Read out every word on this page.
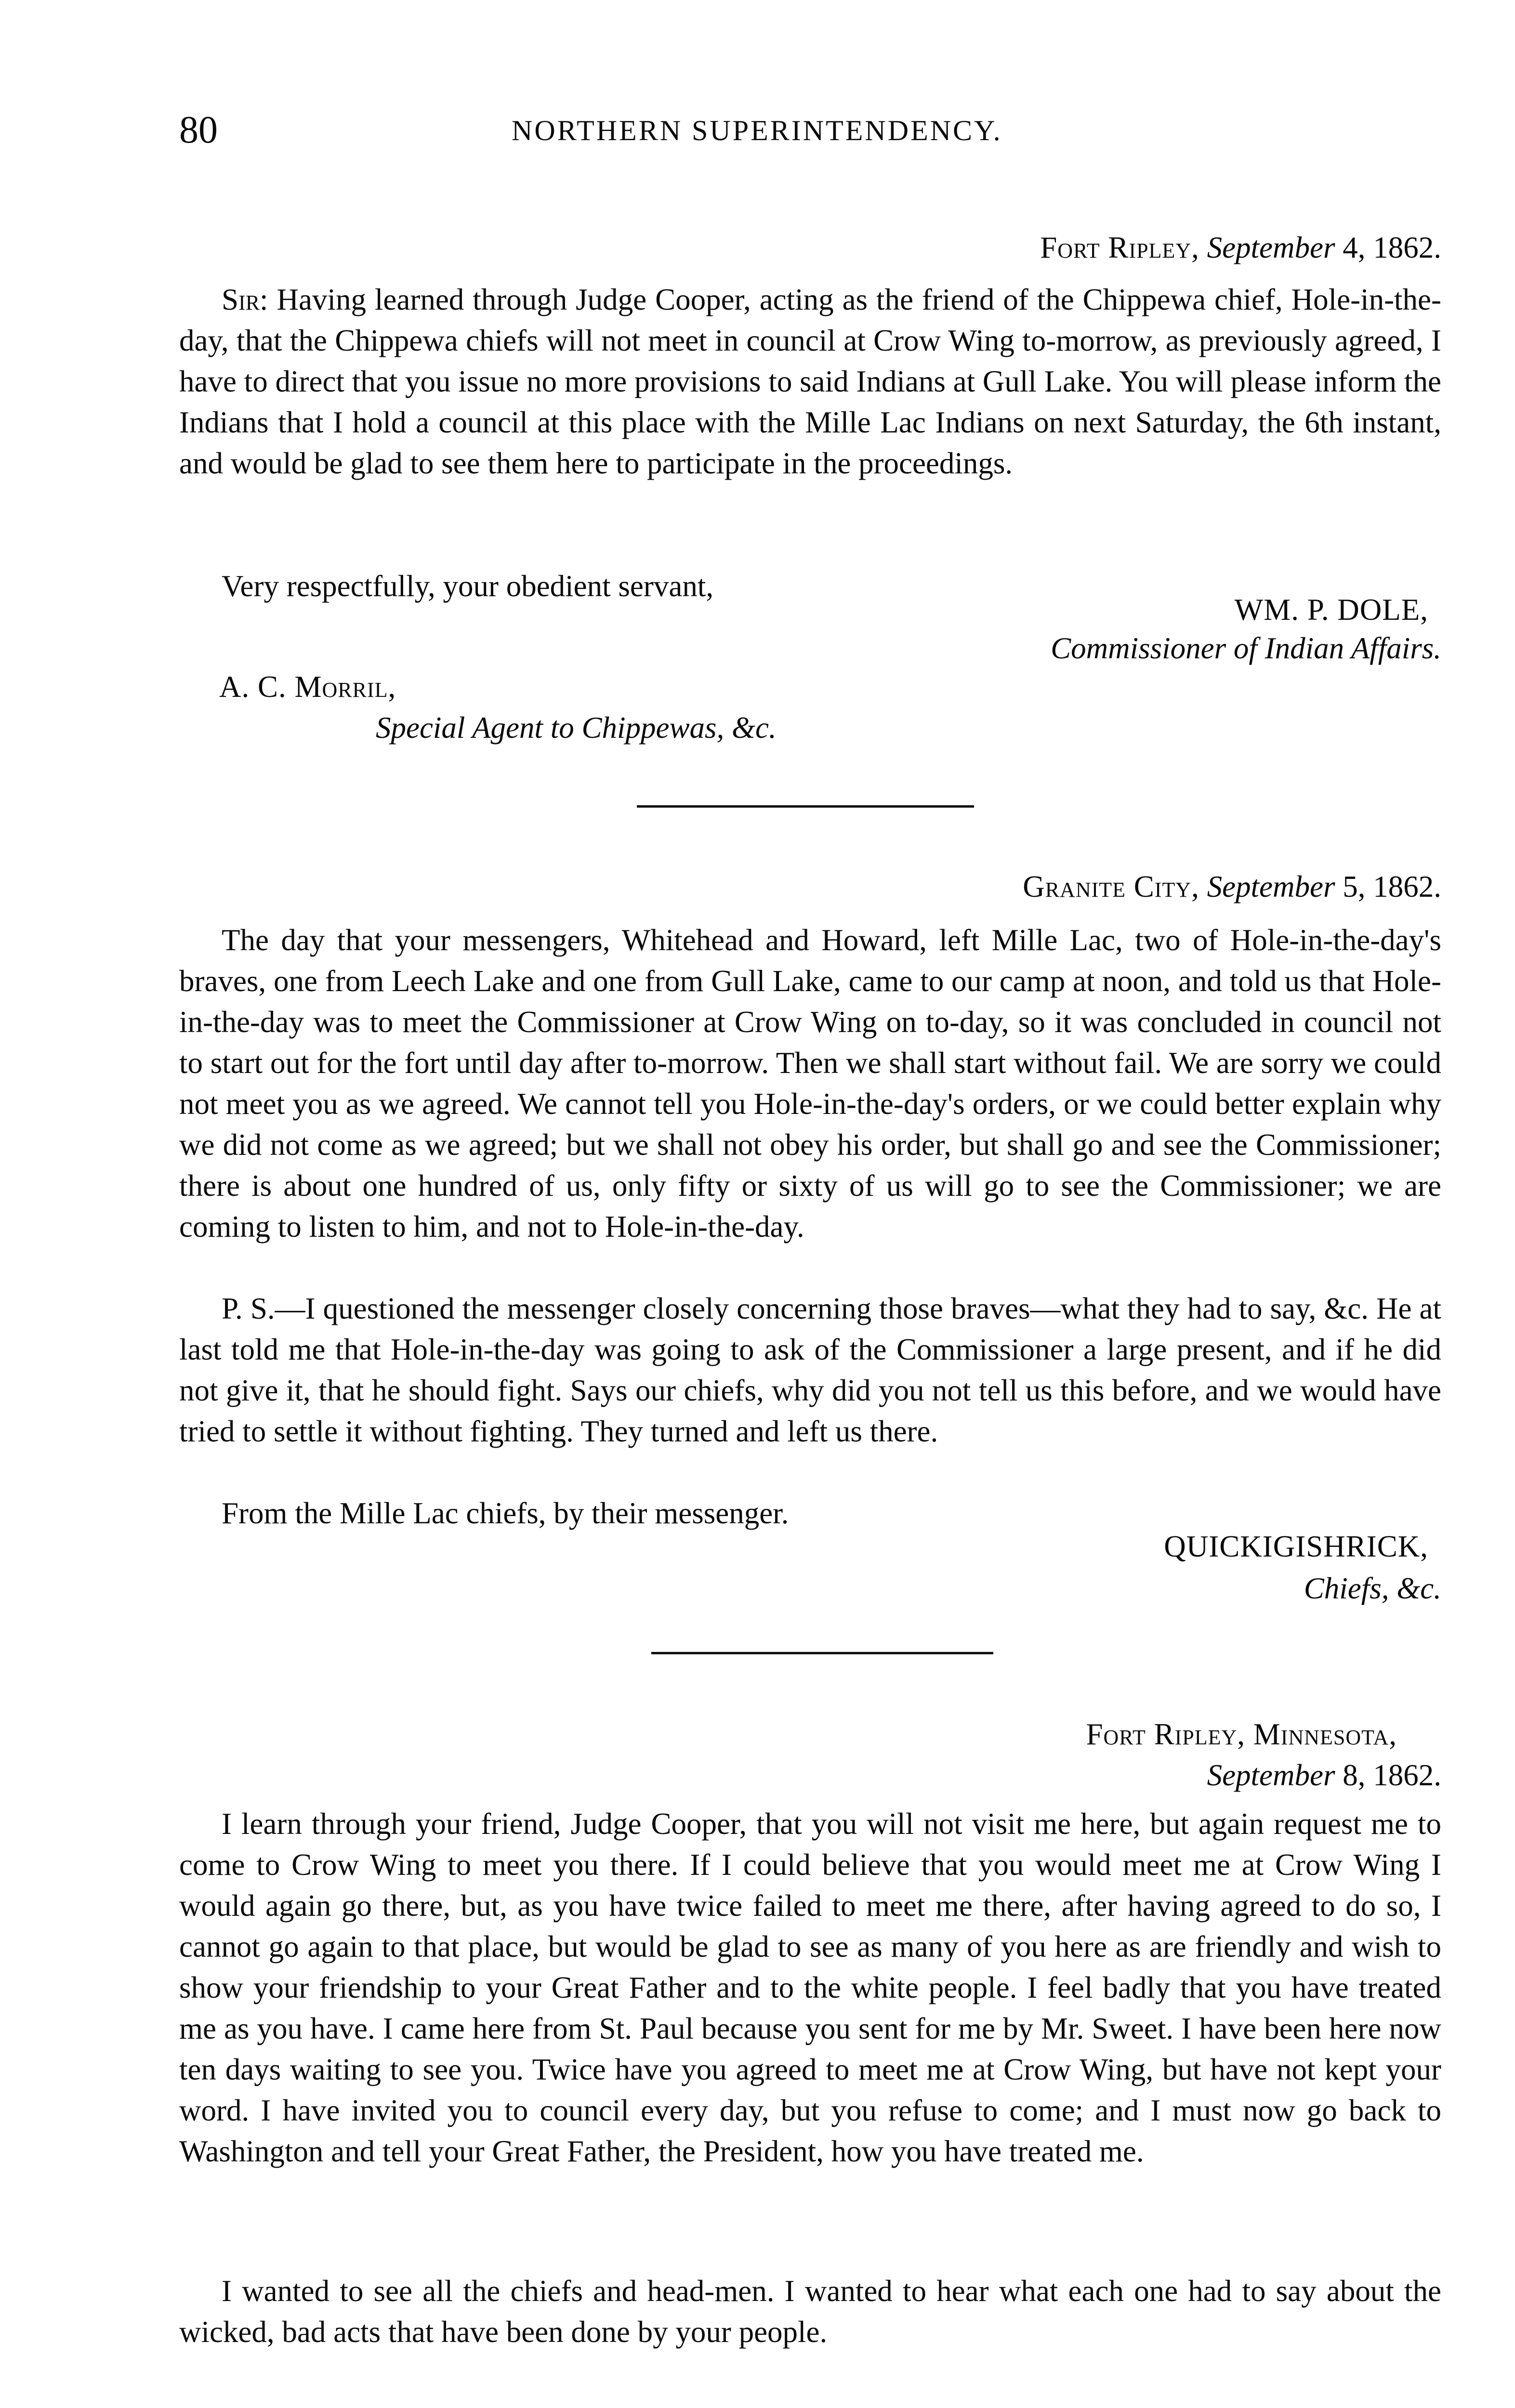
80	NORTHERN SUPERINTENDENCY.
Fort Ripley, September 4, 1862.

Sir: Having learned through Judge Cooper, acting as the friend of the Chippewa chief, Hole-in-the-day, that the Chippewa chiefs will not meet in council at Crow Wing to-morrow, as previously agreed, I have to direct that you issue no more provisions to said Indians at Gull Lake. You will please inform the Indians that I hold a council at this place with the Mille Lac Indians on next Saturday, the 6th instant, and would be glad to see them here to participate in the proceedings.

Very respectfully, your obedient servant,

WM. P. DOLE,
Commissioner of Indian Affairs.
A. C. Morril,
Special Agent to Chippewas, &c.
Granite City, September 5, 1862.

The day that your messengers, Whitehead and Howard, left Mille Lac, two of Hole-in-the-day's braves, one from Leech Lake and one from Gull Lake, came to our camp at noon, and told us that Hole-in-the-day was to meet the Commissioner at Crow Wing on to-day, so it was concluded in council not to start out for the fort until day after to-morrow. Then we shall start without fail. We are sorry we could not meet you as we agreed. We cannot tell you Hole-in-the-day's orders, or we could better explain why we did not come as we agreed; but we shall not obey his order, but shall go and see the Commissioner; there is about one hundred of us, only fifty or sixty of us will go to see the Commissioner; we are coming to listen to him, and not to Hole-in-the-day.

P. S.—I questioned the messenger closely concerning those braves—what they had to say, &c. He at last told me that Hole-in-the-day was going to ask of the Commissioner a large present, and if he did not give it, that he should fight. Says our chiefs, why did you not tell us this before, and we would have tried to settle it without fighting. They turned and left us there.

From the Mille Lac chiefs, by their messenger.

QUICKIGISHRICK,
Chiefs, &c.
Fort Ripley, Minnesota,
September 8, 1862.

I learn through your friend, Judge Cooper, that you will not visit me here, but again request me to come to Crow Wing to meet you there. If I could believe that you would meet me at Crow Wing I would again go there, but, as you have twice failed to meet me there, after having agreed to do so, I cannot go again to that place, but would be glad to see as many of you here as are friendly and wish to show your friendship to your Great Father and to the white people. I feel badly that you have treated me as you have. I came here from St. Paul because you sent for me by Mr. Sweet. I have been here now ten days waiting to see you. Twice have you agreed to meet me at Crow Wing, but have not kept your word. I have invited you to council every day, but you refuse to come; and I must now go back to Washington and tell your Great Father, the President, how you have treated me.

I wanted to see all the chiefs and head-men. I wanted to hear what each one had to say about the wicked, bad acts that have been done by your people.
